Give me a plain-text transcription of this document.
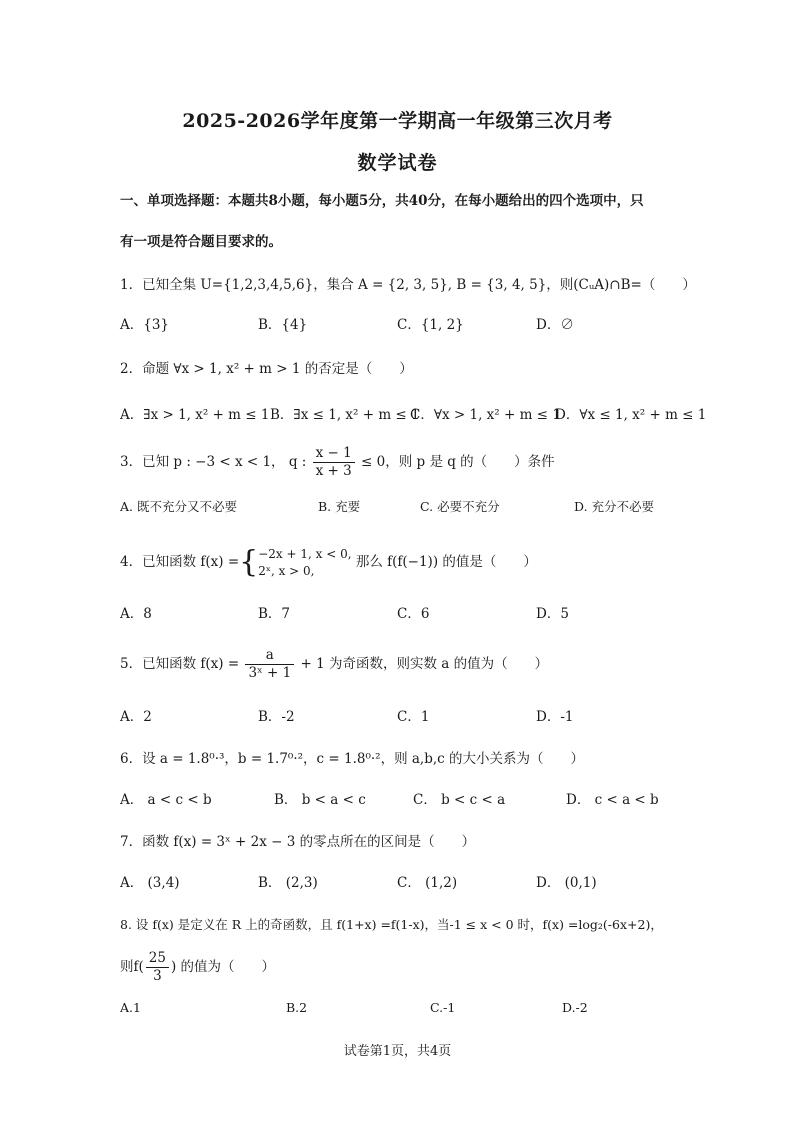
2025-2026学年度第一学期高一年级第三次月考
数学试卷
一、单项选择题：本题共8小题，每小题5分，共40分，在每小题给出的四个选项中，只
有一项是符合题目要求的。
1．已知全集 U={1,2,3,4,5,6}，集合 A = {2, 3, 5}, B = {3, 4, 5}，则(CᵤA)∩B=（　　）
A．{3}	B．{4}	C．{1, 2}	D．∅
2．命题 ∀x > 1, x² + m > 1 的否定是（　　）
A．∃x > 1, x² + m ≤ 1 B．∃x ≤ 1, x² + m ≤ 1
C．∀x > 1, x² + m ≤ 1
D．∀x ≤ 1, x² + m ≤ 1
3．已知 p : −3 < x < 1， q : $\frac{x - 1}{x + 3} \le 0$，则 p 是 q 的（　　）条件
A. 既不充分又不必要	B. 充要	C. 必要不充分	D. 充分不必要
4．已知函数 f(x) ={ −2x + 1, x < 0,
2ˣ, x > 0,
那么 f(f(−1)) 的值是（　　）
A．8	B．7	C．6	D．5
5．已知函数 $f(x) = \frac{a}{\text{3ˣ + 1}} + 1$ 为奇函数，则实数 a 的值为（　　）
A．2	B．-2	C．1	D．-1
6．设 a = 1.8⁰·³，b = 1.7⁰·²，c = 1.8⁰·²，则 a,b,c 的大小关系为（　　）
A． a < c < b	B． b < a < c	C． b < c < a	D． c < a < b
7．函数 f(x) = 3ˣ + 2x − 3 的零点所在的区间是（　　）
A． (3,4)	B． (2,3)	C． (1,2)	D． (0,1)
8. 设 f(x) 是定义在 R 上的奇函数，且 f(1+x) =f(1-x)，当-1 ≤ x < 0 时，f(x) =log₂(-6x+2)，
则$f( \frac{25}{3}$ ) 的值为（　　）
A.1	B.2	C.-1	D.-2
试卷第1页，共4页
